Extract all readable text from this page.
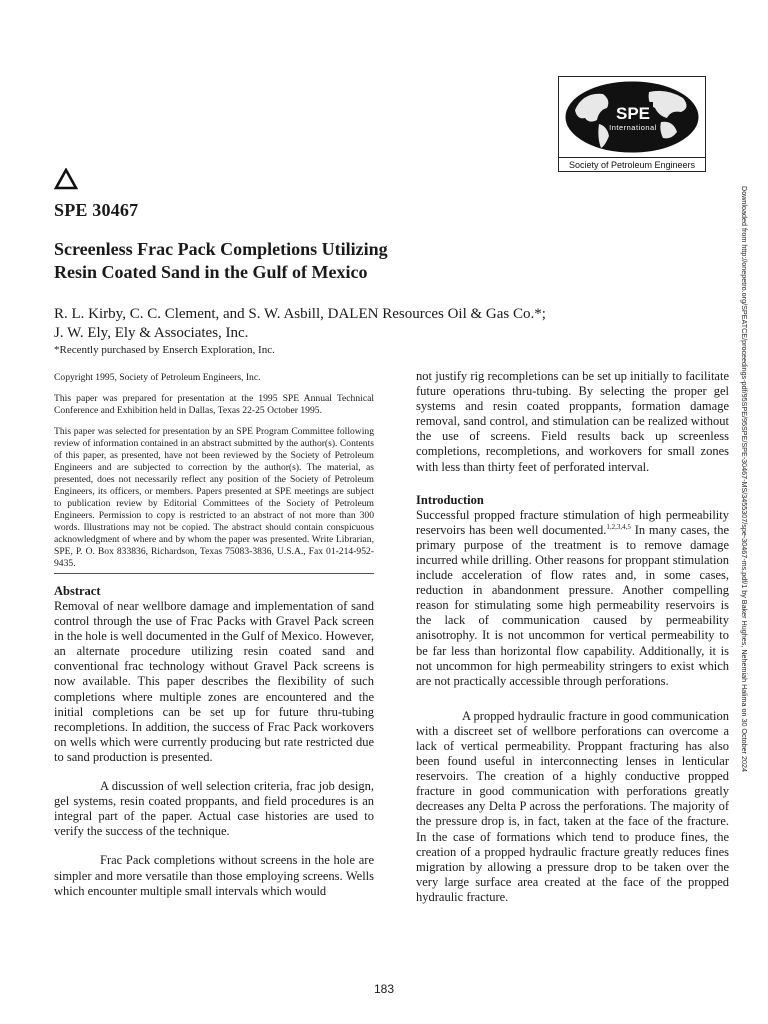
SPE
International
Society of Petroleum Engineers
SPE 30467
Screenless Frac Pack Completions Utilizing
Resin Coated Sand in the Gulf of Mexico
R. L. Kirby, C. C. Clement, and S. W. Asbill, DALEN Resources Oil & Gas Co.*;
J. W. Ely, Ely & Associates, Inc.
*Recently purchased by Enserch Exploration, Inc.

Copyright 1995, Society of Petroleum Engineers, Inc.

This paper was prepared for presentation at the 1995 SPE Annual Technical Conference and Exhibition held in Dallas, Texas 22-25 October 1995.

This paper was selected for presentation by an SPE Program Committee following review of information contained in an abstract submitted by the author(s). Contents of this paper, as presented, have not been reviewed by the Society of Petroleum Engineers and are subjected to correction by the author(s). The material, as presented, does not necessarily reflect any position of the Society of Petroleum Engineers, its officers, or members. Papers presented at SPE meetings are subject to publication review by Editorial Committees of the Society of Petroleum Engineers. Permission to copy is restricted to an abstract of not more than 300 words. Illustrations may not be copied. The abstract should contain conspicuous acknowledgment of where and by whom the paper was presented. Write Librarian, SPE, P. O. Box 833836, Richardson, Texas 75083-3836, U.S.A., Fax 01-214-952-9435.

Abstract

Removal of near wellbore damage and implementation of sand control through the use of Frac Packs with Gravel Pack screen in the hole is well documented in the Gulf of Mexico. However, an alternate procedure utilizing resin coated sand and conventional frac technology without Gravel Pack screens is now available. This paper describes the flexibility of such completions where multiple zones are encountered and the initial completions can be set up for future thru-tubing recompletions. In addition, the success of Frac Pack workovers on wells which were currently producing but rate restricted due to sand production is presented.

A discussion of well selection criteria, frac job design, gel systems, resin coated proppants, and field procedures is an integral part of the paper. Actual case histories are used to verify the success of the technique.

Frac Pack completions without screens in the hole are simpler and more versatile than those employing screens. Wells which encounter multiple small intervals which would

not justify rig recompletions can be set up initially to facilitate future operations thru-tubing. By selecting the proper gel systems and resin coated proppants, formation damage removal, sand control, and stimulation can be realized without the use of screens. Field results back up screenless completions, recompletions, and workovers for small zones with less than thirty feet of perforated interval.

Introduction

Successful propped fracture stimulation of high permeability reservoirs has been well documented.$^{1,2,3,4,5}$ In many cases, the primary purpose of the treatment is to remove damage incurred while drilling. Other reasons for proppant stimulation include acceleration of flow rates and, in some cases, reduction in abandonment pressure. Another compelling reason for stimulating some high permeability reservoirs is the lack of communication caused by permeability anisotrophy. It is not uncommon for vertical permeability to be far less than horizontal flow capability. Additionally, it is not uncommon for high permeability stringers to exist which are not practically accessible through perforations.

A propped hydraulic fracture in good communication with a discreet set of wellbore perforations can overcome a lack of vertical permeability. Proppant fracturing has also been found useful in interconnecting lenses in lenticular reservoirs. The creation of a highly conductive propped fracture in good communication with perforations greatly decreases any Delta P across the perforations. The majority of the pressure drop is, in fact, taken at the face of the fracture. In the case of formations which tend to produce fines, the creation of a propped hydraulic fracture greatly reduces fines migration by allowing a pressure drop to be taken over the very large surface area created at the face of the propped hydraulic fracture.

183
Downloaded from http://onepetro.org/SPEATCE/proceedings-pdf/95SPE/95SPE/SPE-30467-MS/3455307/spe-30467-ms.pdf/1 by Baker Hughes, Nehemiah Halima on 30 October 2024
